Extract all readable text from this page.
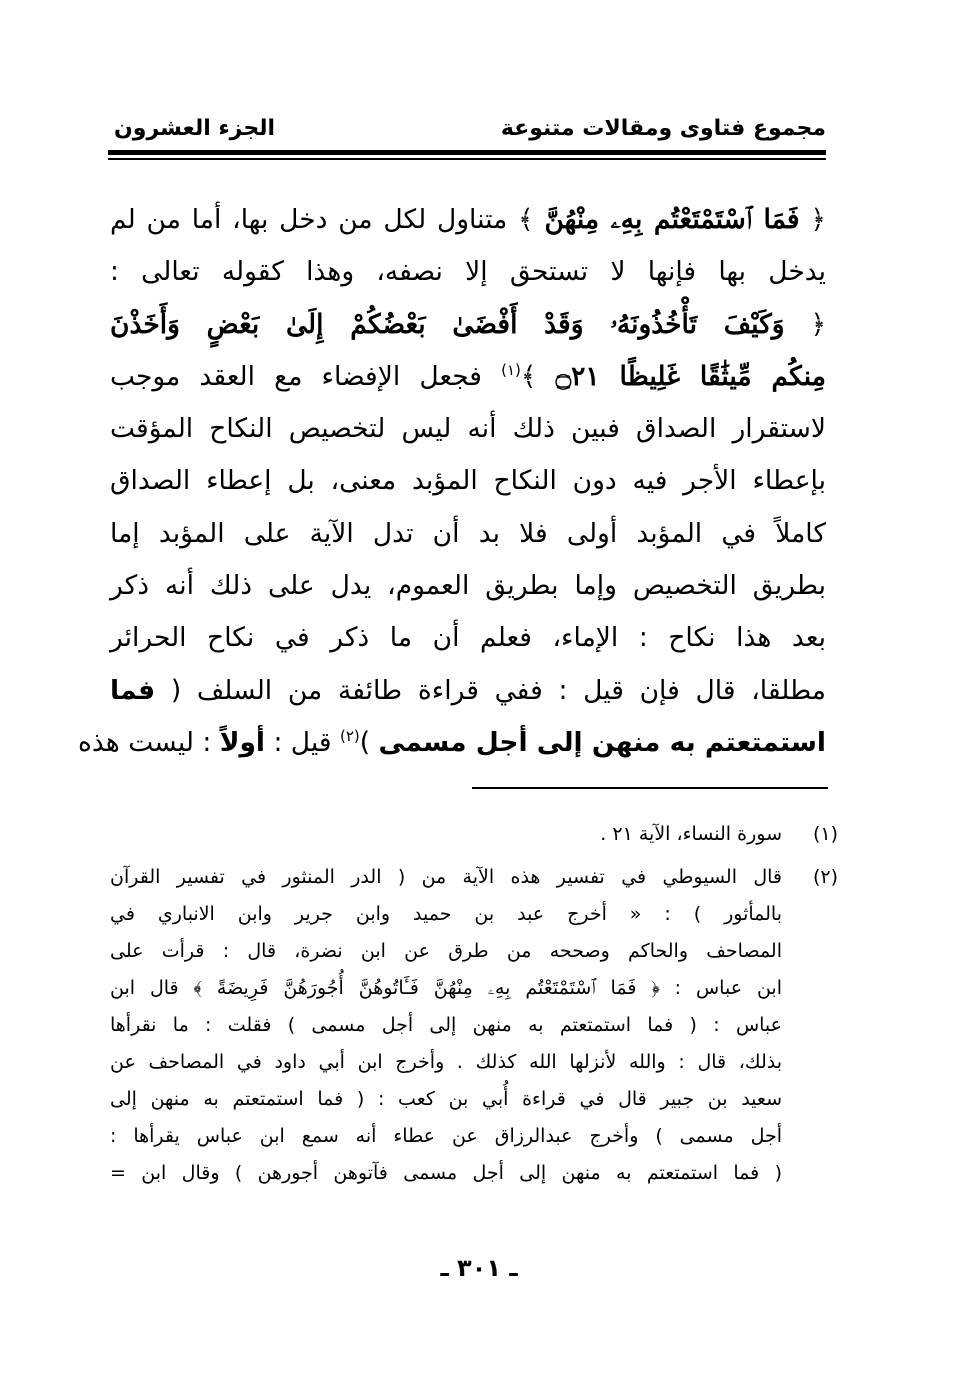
مجموع فتاوى ومقالات متنوعة
الجزء العشرون
﴿ فَمَا ٱسْتَمْتَعْتُم بِهِۦ مِنْهُنَّ ﴾ متناول لكل من دخل بها، أما من لم
يدخل بها فإنها لا تستحق إلا نصفه، وهذا كقوله تعالى :
﴿ وَكَيْفَ تَأْخُذُونَهُۥ وَقَدْ أَفْضَىٰ بَعْضُكُمْ إِلَىٰ بَعْضٍ وَأَخَذْنَ
مِنكُم مِّيثَٰقًا غَلِيظًا ۝٢١ ﴾$^{(١)}$ فجعل الإفضاء مع العقد موجب
لاستقرار الصداق فبين ذلك أنه ليس لتخصيص النكاح المؤقت
بإعطاء الأجر فيه دون النكاح المؤبد معنى، بل إعطاء الصداق
كاملاً في المؤبد أولى فلا بد أن تدل الآية على المؤبد إما
بطريق التخصيص وإما بطريق العموم، يدل على ذلك أنه ذكر
بعد هذا نكاح : الإماء، فعلم أن ما ذكر في نكاح الحرائر
مطلقا، قال فإن قيل : ففي قراءة طائفة من السلف ( فما
استمتعتم به منهن إلى أجل مسمى )$^{(٢)}$ قيل : أولاً : ليست هذه
(١)
سورة النساء، الآية ٢١ .
(٢)
قال السيوطي في تفسير هذه الآية من ( الدر المنثور في تفسير القرآن
بالمأثور ) : « أخرج عبد بن حميد وابن جرير وابن الانباري في
المصاحف والحاكم وصححه من طرق عن ابن نضرة، قال : قرأت على
ابن عباس : ﴿ فَمَا ٱسْتَمْتَعْتُم بِهِۦ مِنْهُنَّ فَـَٔاتُوهُنَّ أُجُورَهُنَّ فَرِيضَةً ﴾ قال ابن
عباس : ( فما استمتعتم به منهن إلى أجل مسمى ) فقلت : ما نقرأها
بذلك، قال : والله لأنزلها الله كذلك . وأخرج ابن أبي داود في المصاحف عن
سعيد بن جبير قال في قراءة أُبي بن كعب : ( فما استمتعتم به منهن إلى
أجل مسمى ) وأخرج عبدالرزاق عن عطاء أنه سمع ابن عباس يقرأها :
( فما استمتعتم به منهن إلى أجل مسمى فآتوهن أجورهن ) وقال ابن =
ـ ٣٠١ ـ
